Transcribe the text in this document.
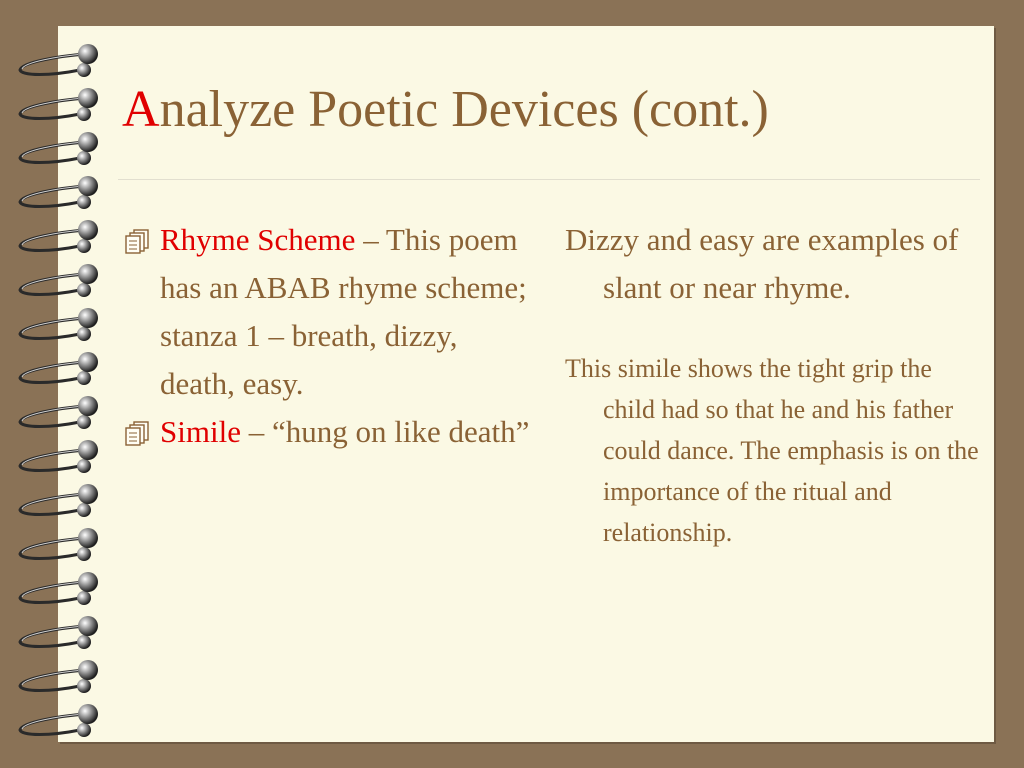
Analyze Poetic Devices (cont.)
Rhyme Scheme – This poem has an ABAB rhyme scheme; stanza 1 – breath, dizzy, death, easy.
Simile – “hung on like death”
Dizzy and easy are examples of slant or near rhyme.
This simile shows the tight grip the child had so that he and his father could dance. The emphasis is on the importance of the ritual and relationship.
